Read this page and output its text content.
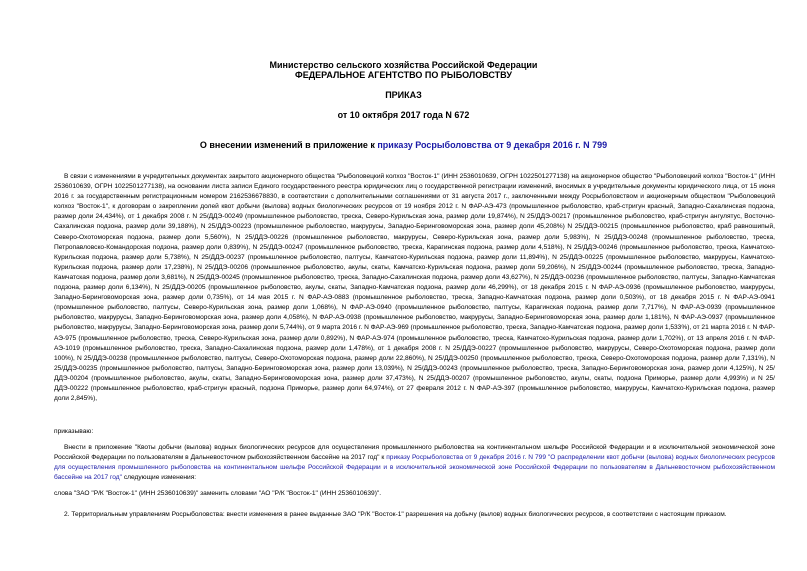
Министерство сельского хозяйства Российской Федерации
ФЕДЕРАЛЬНОЕ АГЕНТСТВО ПО РЫБОЛОВСТВУ
ПРИКАЗ
от 10 октября 2017 года N 672
О внесении изменений в приложение к приказу Росрыболовства от 9 декабря 2016 г. N 799
В связи с изменениями в учредительных документах закрытого акционерного общества "Рыболовецкий колхоз "Восток-1" (ИНН 2536010639, ОГРН 1022501277138) на акционерное общество "Рыболовецкий колхоз "Восток-1" (ИНН 2536010639, ОГРН 1022501277138), на основании листа записи Единого государственного реестра юридических лиц о государственной регистрации изменений, вносимых в учредительные документы юридического лица, от 15 июня 2016 г. за государственным регистрационным номером 2162536678830, в соответствии с дополнительными соглашениями от 31 августа 2017 г., заключенными между Росрыболовством и акционерным обществом "Рыболовецкий колхоз "Восток-1", к договорам о закреплении долей квот добычи (вылова) водных биологических ресурсов от 19 ноября 2012 г. N ФАР-АЭ-473 (промышленное рыболовство, краб-стригун красный, Западно-Сахалинская подзона, размер доли 24,434%), от 1 декабря 2008 г. N 25/ДДЭ-00249 (промышленное рыболовство, треска, Северо-Курильская зона, размер доли 19,874%), N 25/ДДЭ-00217 (промышленное рыболовство, краб-стригун ангулятус, Восточно-Сахалинская подзона, размер доли 39,188%), N 25/ДДЭ-00223 (промышленное рыболовство, макрурусы, Западно-Беринговоморская зона, размер доли 45,208%) N 25/ДДЭ-00215 (промышленное рыболовство, краб равношипый, Северо-Охотоморская подзона, размер доли 5,560%), N 25/ДДЭ-00226 (промышленное рыболовство, макрурусы, Северо-Курильская зона, размер доли 5,983%), N 25/ДДЭ-00248 (промышленное рыболовство, треска, Петропавловско-Командорская подзона, размер доли 0,839%), N 25/ДДЭ-00247 (промышленное рыболовство, треска, Карагинская подзона, размер доли 4,518%), N 25/ДДЭ-00246 (промышленное рыболовство, треска, Камчатско-Курильская подзона, размер доли 5,738%), N 25/ДДЭ-00237 (промышленное рыболовство, палтусы, Камчатско-Курильская подзона, размер доли 11,894%), N 25/ДДЭ-00225 (промышленное рыболовство, макрурусы, Камчатско-Курильская подзона, размер доли 17,238%), N 25/ДДЭ-00206 (промышленное рыболовство, акулы, скаты, Камчатско-Курильская подзона, размер доли 59,206%), N 25/ДДЭ-00244 (промышленное рыболовство, треска, Западно-Камчатская подзона, размер доли 3,681%), N 25/ДДЭ-00245 (промышленное рыболовство, треска, Западно-Сахалинская подзона, размер доли 43,627%), N 25/ДДЭ-00236 (промышленное рыболовство, палтусы, Западно-Камчатская подзона, размер доли 6,134%), N 25/ДДЭ-00205 (промышленное рыболовство, акулы, скаты, Западно-Камчатская подзона, размер доли 46,299%), от 18 декабря 2015 г. N ФАР-АЭ-0936 (промышленное рыболовство, макрурусы, Западно-Беринговоморская зона, размер доли 0,735%), от 14 мая 2015 г. N ФАР-АЭ-0883 (промышленное рыболовство, треска, Западно-Камчатская подзона, размер доли 0,503%), от 18 декабря 2015 г. N ФАР-АЭ-0941 (промышленное рыболовство, палтусы, Северо-Курильская зона, размер доли 1,068%), N ФАР-АЭ-0940 (промышленное рыболовство, палтусы, Карагинская подзона, размер доли 7,717%), N ФАР-АЭ-0939 (промышленное рыболовство, макрурусы, Западно-Беринговоморская зона, размер доли 4,058%), N ФАР-АЭ-0938 (промышленное рыболовство, макрурусы, Западно-Беринговоморская зона, размер доли 1,181%), N ФАР-АЭ-0937 (промышленное рыболовство, макрурусы, Западно-Беринговоморская зона, размер доли 5,744%), от 9 марта 2016 г. N ФАР-АЭ-969 (промышленное рыболовство, треска, Западно-Камчатская подзона, размер доли 1,533%), от 21 марта 2016 г. N ФАР-АЭ-975 (промышленное рыболовство, треска, Северо-Курильская зона, размер доли 0,892%), N ФАР-АЭ-974 (промышленное рыболовство, треска, Камчатско-Курильская подзона, размер доли 1,702%), от 13 апреля 2016 г. N ФАР-АЭ-1019 (промышленное рыболовство, треска, Западно-Сахалинская подзона, размер доли 1,478%), от 1 декабря 2008 г. N 25/ДДЭ-00227 (промышленное рыболовство, макрурусы, Северо-Охотоморская подзона, размер доли 100%), N 25/ДДЭ-00238 (промышленное рыболовство, палтусы, Северо-Охотоморская подзона, размер доли 22,860%), N 25/ДДЭ-00250 (промышленное рыболовство, треска, Северо-Охотоморская подзона, размер доли 7,131%), N 25/ДДЭ-00235 (промышленное рыболовство, палтусы, Западно-Беринговоморская зона, размер доли 13,039%), N 25/ДДЭ-00243 (промышленное рыболовство, треска, Западно-Беринговоморская зона, размер доли 4,125%), N 25/ДДЭ-00204 (промышленное рыболовство, акулы, скаты, Западно-Беринговоморская зона, размер доли 37,473%), N 25/ДДЭ-00207 (промышленное рыболовство, акулы, скаты, подзона Приморье, размер доли 4,993%) и N 25/ДДЭ-00222 (промышленное рыболовство, краб-стригун красный, подзона Приморье, размер доли 64,974%), от 27 февраля 2012 г. N ФАР-АЭ-397 (промышленное рыболовство, макрурусы, Камчатско-Курильская подзона, размер доли 2,845%),
приказываю:
Внести в приложение "Квоты добычи (вылова) водных биологических ресурсов для осуществления промышленного рыболовства на континентальном шельфе Российской Федерации и в исключительной экономической зоне Российской Федерации по пользователям в Дальневосточном рыбохозяйственном бассейне на 2017 год" к приказу Росрыболовства от 9 декабря 2016 г. N 799 "О распределении квот добычи (вылова) водных биологических ресурсов для осуществления промышленного рыболовства на континентальном шельфе Российской Федерации и в исключительной экономической зоне Российской Федерации по пользователям в Дальневосточном рыбохозяйственном бассейне на 2017 год" следующие изменения:
слова "ЗАО "Р/К "Восток-1" (ИНН 2536010639)" заменить словами "АО "Р/К "Восток-1" (ИНН 2536010639)".
2. Территориальным управлениям Росрыболовства: внести изменения в ранее выданные ЗАО "Р/К "Восток-1" разрешения на добычу (вылов) водных биологических ресурсов, в соответствии с настоящим приказом.
